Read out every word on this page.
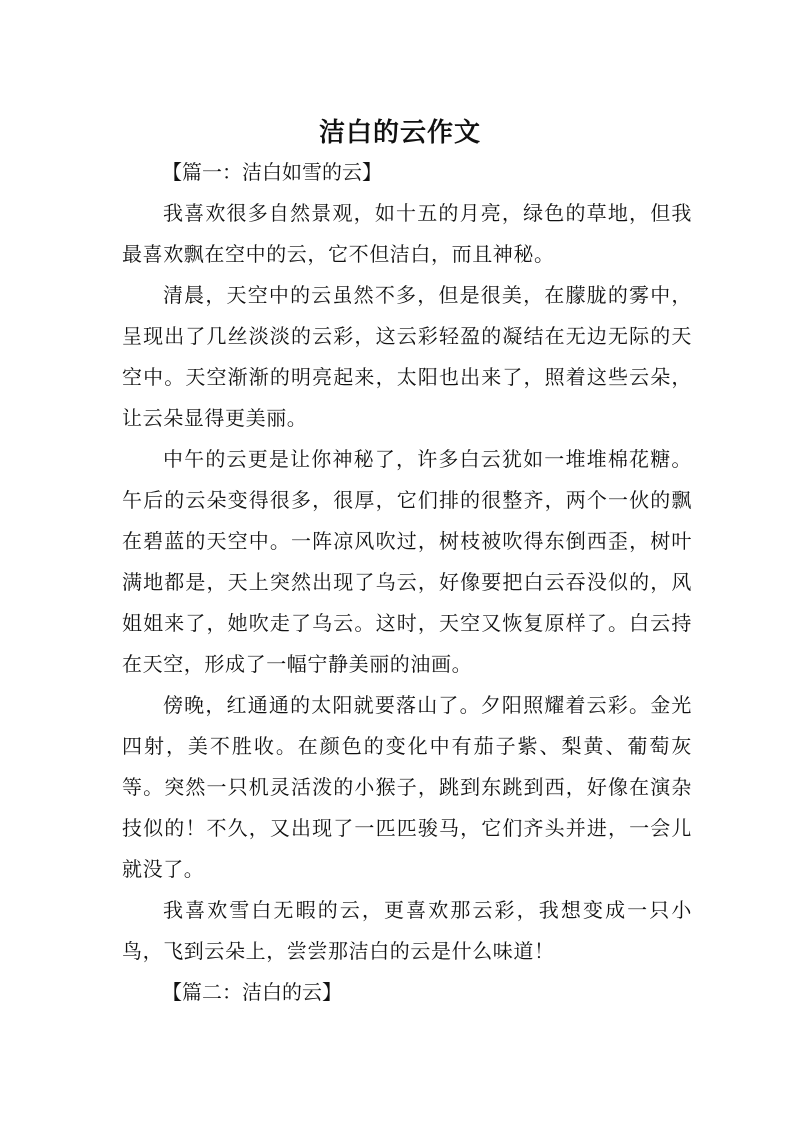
洁白的云作文

【篇一：洁白如雪的云】

我喜欢很多自然景观，如十五的月亮，绿色的草地，但我最喜欢飘在空中的云，它不但洁白，而且神秘。

清晨，天空中的云虽然不多，但是很美，在朦胧的雾中，呈现出了几丝淡淡的云彩，这云彩轻盈的凝结在无边无际的天空中。天空渐渐的明亮起来，太阳也出来了，照着这些云朵，让云朵显得更美丽。

中午的云更是让你神秘了，许多白云犹如一堆堆棉花糖。午后的云朵变得很多，很厚，它们排的很整齐，两个一伙的飘在碧蓝的天空中。一阵凉风吹过，树枝被吹得东倒西歪，树叶满地都是，天上突然出现了乌云，好像要把白云吞没似的，风姐姐来了，她吹走了乌云。这时，天空又恢复原样了。白云持在天空，形成了一幅宁静美丽的油画。

傍晚，红通通的太阳就要落山了。夕阳照耀着云彩。金光四射，美不胜收。在颜色的变化中有茄子紫、梨黄、葡萄灰等。突然一只机灵活泼的小猴子，跳到东跳到西，好像在演杂技似的！不久，又出现了一匹匹骏马，它们齐头并进，一会儿就没了。

我喜欢雪白无暇的云，更喜欢那云彩，我想变成一只小鸟，飞到云朵上，尝尝那洁白的云是什么味道！

【篇二：洁白的云】
